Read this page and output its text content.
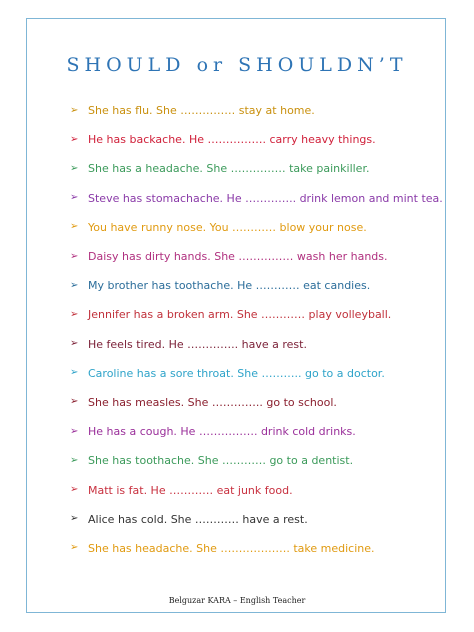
SHOULD or SHOULDN’T
➢ She has flu. She …………… stay at home.
➢ He has backache. He ……………. carry heavy things.
➢ She has a headache. She …………… take painkiller.
➢ Steve has stomachache. He ………….. drink lemon and mint tea.
➢ You have runny nose. You ………… blow your nose.
➢ Daisy has dirty hands. She …………… wash her hands.
➢ My brother has toothache. He ………… eat candies.
➢ Jennifer has a broken arm. She ………… play volleyball.
➢ He feels tired. He ………….. have a rest.
➢ Caroline has a sore throat. She ……….. go to a doctor.
➢ She has measles. She ………….. go to school.
➢ He has a cough. He ……………. drink cold drinks.
➢ She has toothache. She ………… go to a dentist.
➢ Matt is fat. He ………… eat junk food.
➢ Alice has cold. She ………… have a rest.
➢ She has headache. She ………………. take medicine.
Belguzar KARA – English Teacher
